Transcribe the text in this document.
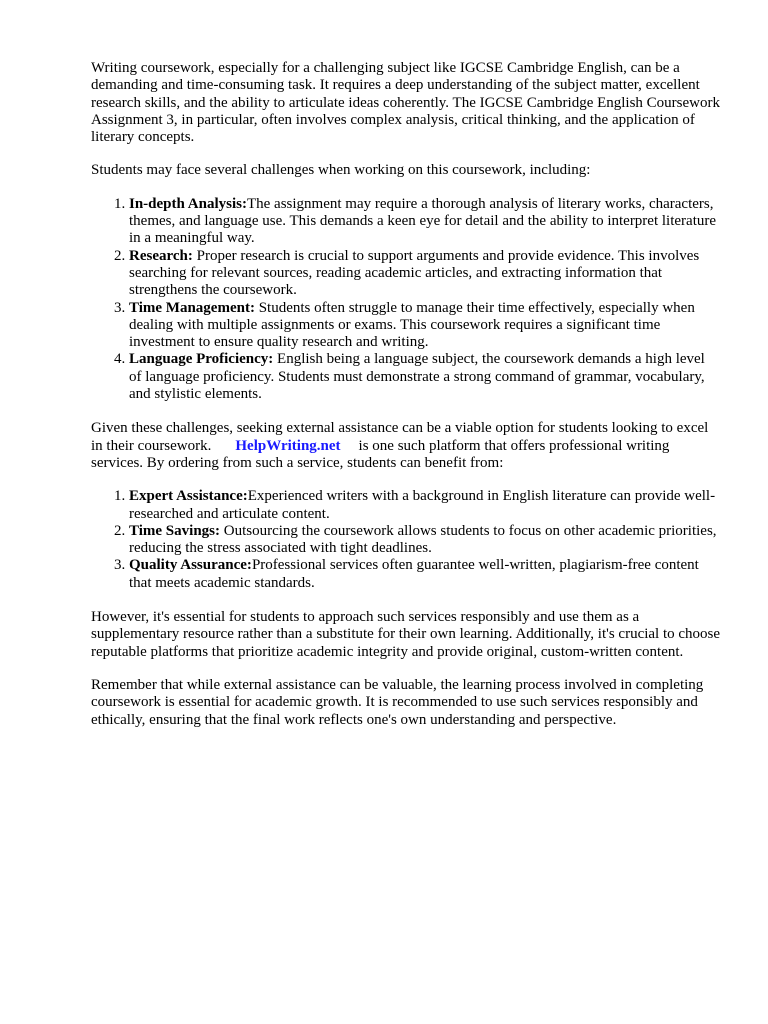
Writing coursework, especially for a challenging subject like IGCSE Cambridge English, can be a demanding and time-consuming task. It requires a deep understanding of the subject matter, excellent research skills, and the ability to articulate ideas coherently. The IGCSE Cambridge English Coursework Assignment 3, in particular, often involves complex analysis, critical thinking, and the application of literary concepts.

Students may face several challenges when working on this coursework, including:

1. In-depth Analysis:The assignment may require a thorough analysis of literary works, characters, themes, and language use. This demands a keen eye for detail and the ability to interpret literature in a meaningful way.
2. Research: Proper research is crucial to support arguments and provide evidence. This involves searching for relevant sources, reading academic articles, and extracting information that strengthens the coursework.
3. Time Management: Students often struggle to manage their time effectively, especially when dealing with multiple assignments or exams. This coursework requires a significant time investment to ensure quality research and writing.
4. Language Proficiency: English being a language subject, the coursework demands a high level of language proficiency. Students must demonstrate a strong command of grammar, vocabulary, and stylistic elements.

Given these challenges, seeking external assistance can be a viable option for students looking to excel in their coursework. HelpWriting.net is one such platform that offers professional writing services. By ordering from such a service, students can benefit from:

1. Expert Assistance:Experienced writers with a background in English literature can provide well-researched and articulate content.
2. Time Savings: Outsourcing the coursework allows students to focus on other academic priorities, reducing the stress associated with tight deadlines.
3. Quality Assurance:Professional services often guarantee well-written, plagiarism-free content that meets academic standards.

However, it's essential for students to approach such services responsibly and use them as a supplementary resource rather than a substitute for their own learning. Additionally, it's crucial to choose reputable platforms that prioritize academic integrity and provide original, custom-written content.

Remember that while external assistance can be valuable, the learning process involved in completing coursework is essential for academic growth. It is recommended to use such services responsibly and ethically, ensuring that the final work reflects one's own understanding and perspective.
